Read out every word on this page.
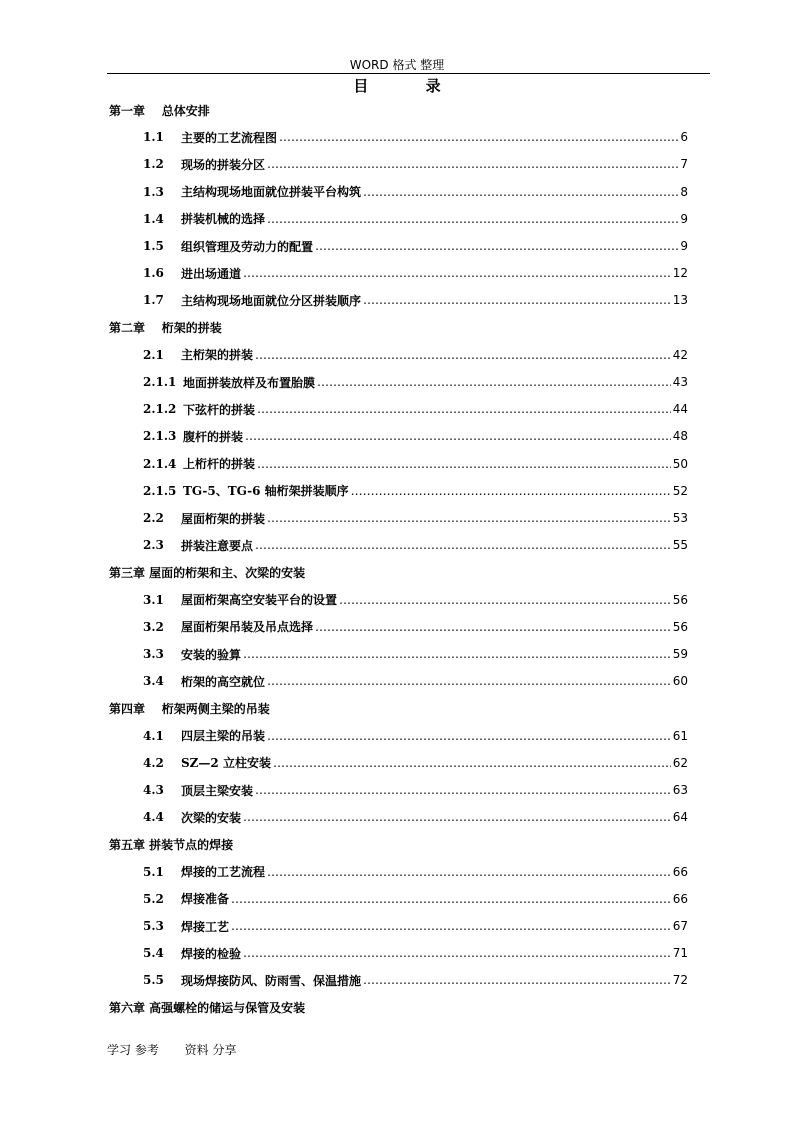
WORD 格式 整理
目 录
第一章    总体安排
1.1	主要的工艺流程图 …………………………………………………………………………………………………………………………………………………………………………	6
1.2	现场的拼装分区 …………………………………………………………………………………………………………………………………………………………………………	7
1.3	主结构现场地面就位拼装平台构筑 …………………………………………………………………………………………………………………………………………………………………………	8
1.4	拼装机械的选择 …………………………………………………………………………………………………………………………………………………………………………	9
1.5	组织管理及劳动力的配置 …………………………………………………………………………………………………………………………………………………………………………	9
1.6	进出场通道 …………………………………………………………………………………………………………………………………………………………………………	12
1.7	主结构现场地面就位分区拼装顺序 …………………………………………………………………………………………………………………………………………………………………………	13
第二章    桁架的拼装
2.1	主桁架的拼装 …………………………………………………………………………………………………………………………………………………………………………	42
2.1.1 地面拼装放样及布置胎膜 …………………………………………………………………………………………………………………………………………………………………………	43
2.1.2 下弦杆的拼装 …………………………………………………………………………………………………………………………………………………………………………	44
2.1.3 腹杆的拼装 …………………………………………………………………………………………………………………………………………………………………………	48
2.1.4 上桁杆的拼装 …………………………………………………………………………………………………………………………………………………………………………	50
2.1.5 TG-5、TG-6 轴桁架拼装顺序 …………………………………………………………………………………………………………………………………………………………………………	52
2.2	屋面桁架的拼装 …………………………………………………………………………………………………………………………………………………………………………	53
2.3	拼装注意要点 …………………………………………………………………………………………………………………………………………………………………………	55
第三章 屋面的桁架和主、次梁的安装
3.1	屋面桁架高空安装平台的设置 …………………………………………………………………………………………………………………………………………………………………………	56
3.2	屋面桁架吊装及吊点选择 …………………………………………………………………………………………………………………………………………………………………………	56
3.3	安装的验算 …………………………………………………………………………………………………………………………………………………………………………	59
3.4	桁架的高空就位 …………………………………………………………………………………………………………………………………………………………………………	60
第四章    桁架两侧主梁的吊装
4.1	四层主梁的吊装 …………………………………………………………………………………………………………………………………………………………………………	61
4.2	SZ—2 立柱安装 …………………………………………………………………………………………………………………………………………………………………………	62
4.3	顶层主梁安装 …………………………………………………………………………………………………………………………………………………………………………	63
4.4	次梁的安装 …………………………………………………………………………………………………………………………………………………………………………	64
第五章 拼装节点的焊接
5.1	焊接的工艺流程 …………………………………………………………………………………………………………………………………………………………………………	66
5.2	焊接准备 …………………………………………………………………………………………………………………………………………………………………………	66
5.3	焊接工艺 …………………………………………………………………………………………………………………………………………………………………………	67
5.4	焊接的检验 …………………………………………………………………………………………………………………………………………………………………………	71
5.5	现场焊接防风、防雨雪、保温措施 …………………………………………………………………………………………………………………………………………………………………………	72
第六章 高强螺栓的储运与保管及安装
学习 参考 资料 分享
